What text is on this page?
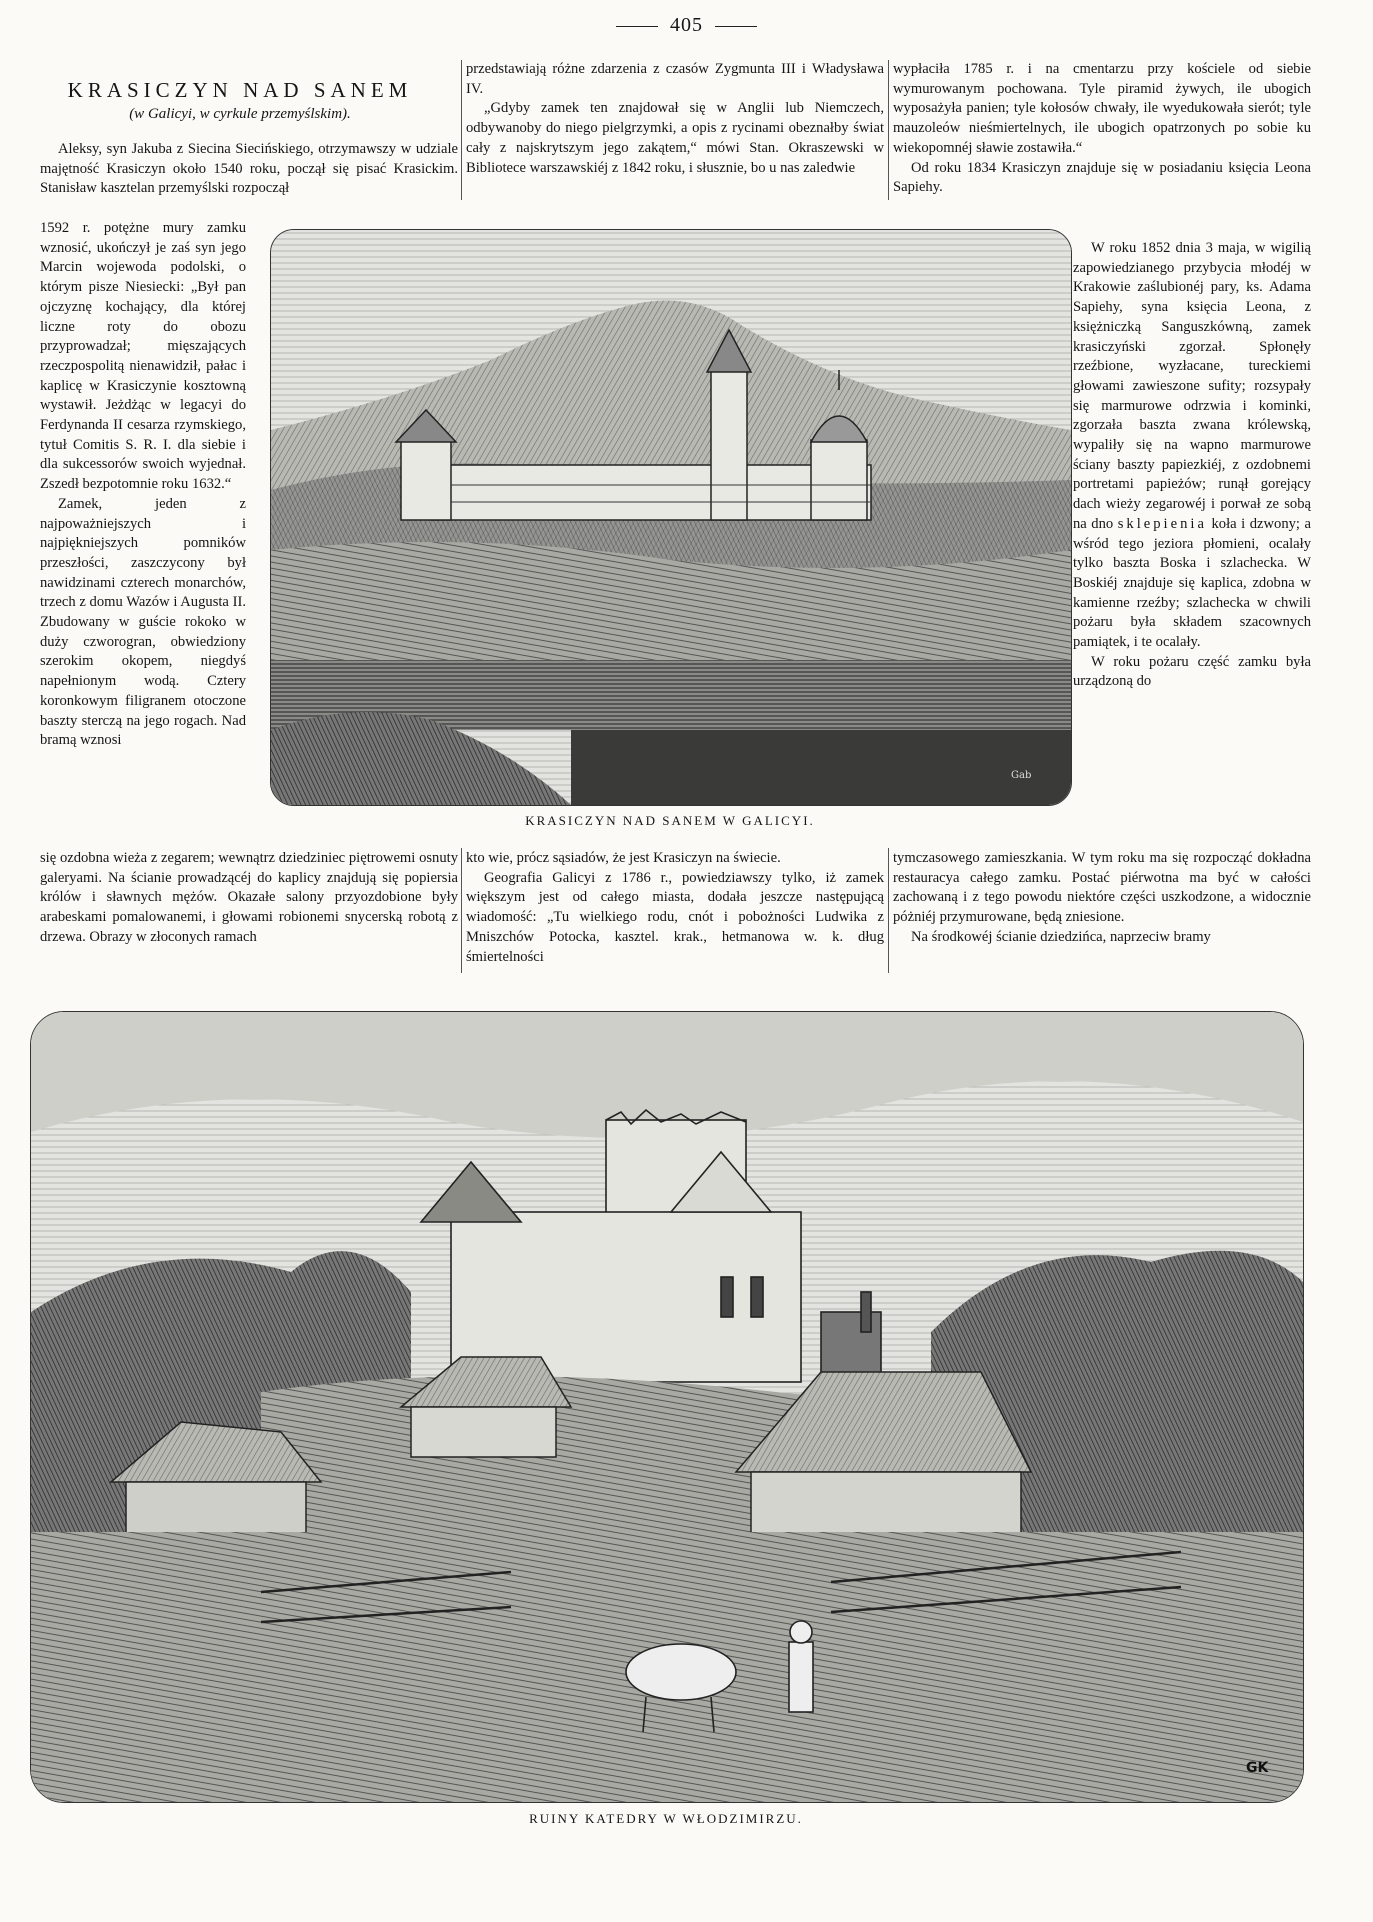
405
KRASICZYN NAD SANEM
(w Galicyi, w cyrkule przemyślskim).

Aleksy, syn Jakuba z Siecina Siecińskiego, otrzymawszy w udziale majętność Krasiczyn około 1540 roku, począł się pisać Krasickim. Stanisław kasztelan przemyślski rozpoczął

1592 r. potężne mury zamku wznosić, ukończył je zaś syn jego Marcin wojewoda podolski, o którym pisze Niesiecki: „Był pan ojczyznę kochający, dla której liczne roty do obozu przyprowadzał; mięszających rzeczpospolitą nienawidził, pałac i kaplicę w Krasiczynie kosztowną wystawił. Jeżdżąc w legacyi do Ferdynanda II cesarza rzymskiego, tytuł Comitis S. R. I. dla siebie i dla sukcessorów swoich wyjednał. Zszedł bezpotomnie roku 1632.“

Zamek, jeden z najpoważniejszych i najpiękniejszych pomników przeszłości, zaszczycony był nawidzinami czterech monarchów, trzech z domu Wazów i Augusta II. Zbudowany w guście rokoko w duży czworogran, obwiedziony szerokim okopem, niegdyś napełnionym wodą. Cztery koronkowym filigranem otoczone baszty sterczą na jego rogach. Nad bramą wznosi

przedstawiają różne zdarzenia z czasów Zygmunta III i Władysława IV.

„Gdyby zamek ten znajdował się w Anglii lub Niemczech, odbywanoby do niego pielgrzymki, a opis z rycinami obeznałby świat cały z najskrytszym jego zakątem,“ mówi Stan. Okraszewski w Bibliotece warszawskiéj z 1842 roku, i słusznie, bo u nas zaledwie

wypłaciła 1785 r. i na cmentarzu przy kościele od siebie wymurowanym pochowana. Tyle piramid żywych, ile ubogich wyposażyła panien; tyle kołosów chwały, ile wyedukowała sierót; tyle mauzoleów nieśmiertelnych, ile ubogich opatrzonych po sobie ku wiekopomnéj sławie zostawiła.“

Od roku 1834 Krasiczyn znajduje się w posiadaniu księcia Leona Sapiehy.

W roku 1852 dnia 3 maja, w wigilią zapowiedzianego przybycia młodéj w Krakowie zaślubionéj pary, ks. Adama Sapiehy, syna księcia Leona, z księżniczką Sanguszkówną, zamek krasiczyński zgorzał. Spłonęły rzeźbione, wyzłacane, tureckiemi głowami zawieszone sufity; rozsypały się marmurowe odrzwia i kominki, zgorzała baszta zwana królewską, wypaliły się na wapno marmurowe ściany baszty papiezkiéj, z ozdobnemi portretami papieżów; runął gorejący dach wieży zegarowéj i porwał ze sobą na dno sklepienia koła i dzwony; a wśród tego jeziora płomieni, ocalały tylko baszta Boska i szlachecka. W Boskiéj znajduje się kaplica, zdobna w kamienne rzeźby; szlachecka w chwili pożaru była składem szacownych pamiątek, i te ocalały.

W roku pożaru część zamku była urządzoną do

Gab
KRASICZYN NAD SANEM W GALICYI.

się ozdobna wieża z zegarem; wewnątrz dziedziniec piętrowemi osnuty galeryami. Na ścianie prowadzącéj do kaplicy znajdują się popiersia królów i sławnych mężów. Okazałe salony przyozdobione były arabeskami pomalowanemi, i głowami robionemi snycerską robotą z drzewa. Obrazy w złoconych ramach

kto wie, prócz sąsiadów, że jest Krasiczyn na świecie.

Geografia Galicyi z 1786 r., powiedziawszy tylko, iż zamek większym jest od całego miasta, dodała jeszcze następującą wiadomość: „Tu wielkiego rodu, cnót i pobożności Ludwika z Mniszchów Potocka, kasztel. krak., hetmanowa w. k. dług śmiertelności

tymczasowego zamieszkania. W tym roku ma się rozpocząć dokładna restauracya całego zamku. Postać piérwotna ma być w całości zachowaną i z tego powodu niektóre części uszkodzone, a widocznie póżniéj przymurowane, będą zniesione.

Na środkowéj ścianie dziedzińca, naprzeciw bramy

GK
RUINY KATEDRY W WŁODZIMIRZU.
